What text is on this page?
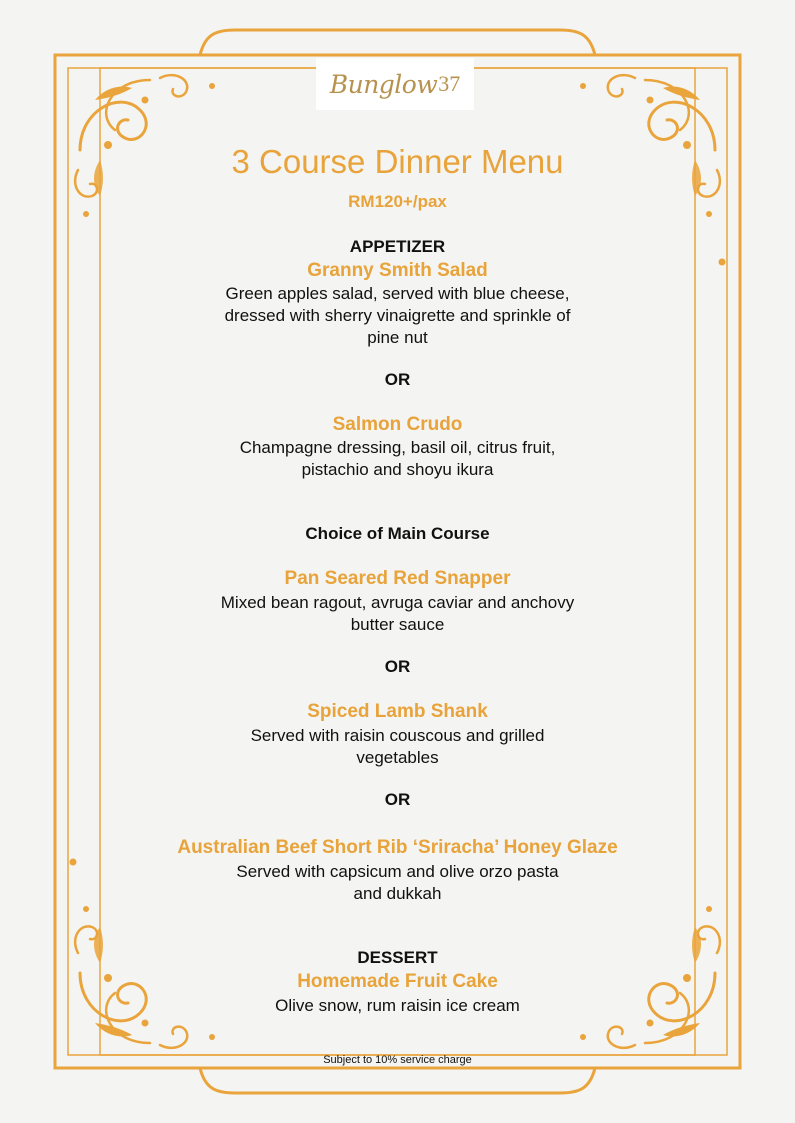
Bunglow 37

3 Course Dinner Menu

RM120+/pax

APPETIZER

Granny Smith Salad

Green apples salad, served with blue cheese,

dressed with sherry vinaigrette and sprinkle of

pine nut

OR

Salmon Crudo

Champagne dressing, basil oil, citrus fruit,

pistachio and shoyu ikura

Choice of Main Course

Pan Seared Red Snapper

Mixed bean ragout, avruga caviar and anchovy

butter sauce

OR

Spiced Lamb Shank

Served with raisin couscous and grilled

vegetables

OR

Australian Beef Short Rib ‘Sriracha’ Honey Glaze

Served with capsicum and olive orzo pasta

and dukkah

DESSERT

Homemade Fruit Cake

Olive snow, rum raisin ice cream

Subject to 10% service charge
